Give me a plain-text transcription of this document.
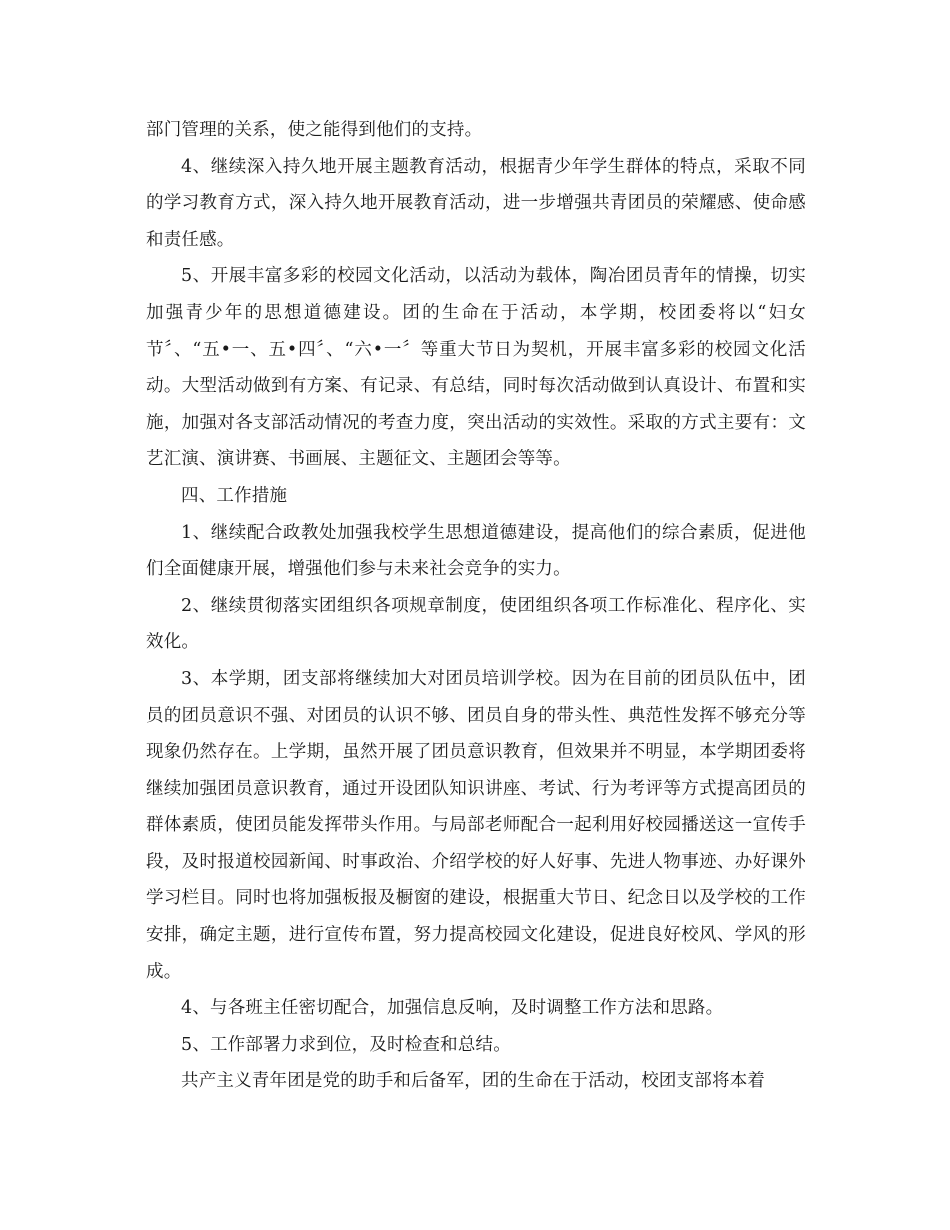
部门管理的关系，使之能得到他们的支持。

4、继续深入持久地开展主题教育活动，根据青少年学生群体的特点，采取不同的学习教育方式，深入持久地开展教育活动，进一步增强共青团员的荣耀感、使命感和责任感。

5、开展丰富多彩的校园文化活动，以活动为载体，陶冶团员青年的情操，切实加强青少年的思想道德建设。团的生命在于活动，本学期，校团委将以“妇女节〞、“五•一、五•四〞、“六•一〞等重大节日为契机，开展丰富多彩的校园文化活动。大型活动做到有方案、有记录、有总结，同时每次活动做到认真设计、布置和实施，加强对各支部活动情况的考查力度，突出活动的实效性。采取的方式主要有：文艺汇演、演讲赛、书画展、主题征文、主题团会等等。

四、工作措施

1、继续配合政教处加强我校学生思想道德建设，提高他们的综合素质，促进他们全面健康开展，增强他们参与未来社会竞争的实力。

2、继续贯彻落实团组织各项规章制度，使团组织各项工作标准化、程序化、实效化。

3、本学期，团支部将继续加大对团员培训学校。因为在目前的团员队伍中，团员的团员意识不强、对团员的认识不够、团员自身的带头性、典范性发挥不够充分等现象仍然存在。上学期，虽然开展了团员意识教育，但效果并不明显，本学期团委将继续加强团员意识教育，通过开设团队知识讲座、考试、行为考评等方式提高团员的群体素质，使团员能发挥带头作用。与局部老师配合一起利用好校园播送这一宣传手段，及时报道校园新闻、时事政治、介绍学校的好人好事、先进人物事迹、办好课外学习栏目。同时也将加强板报及橱窗的建设，根据重大节日、纪念日以及学校的工作安排，确定主题，进行宣传布置，努力提高校园文化建设，促进良好校风、学风的形成。

4、与各班主任密切配合，加强信息反响，及时调整工作方法和思路。

5、工作部署力求到位，及时检查和总结。

共产主义青年团是党的助手和后备军，团的生命在于活动，校团支部将本着
